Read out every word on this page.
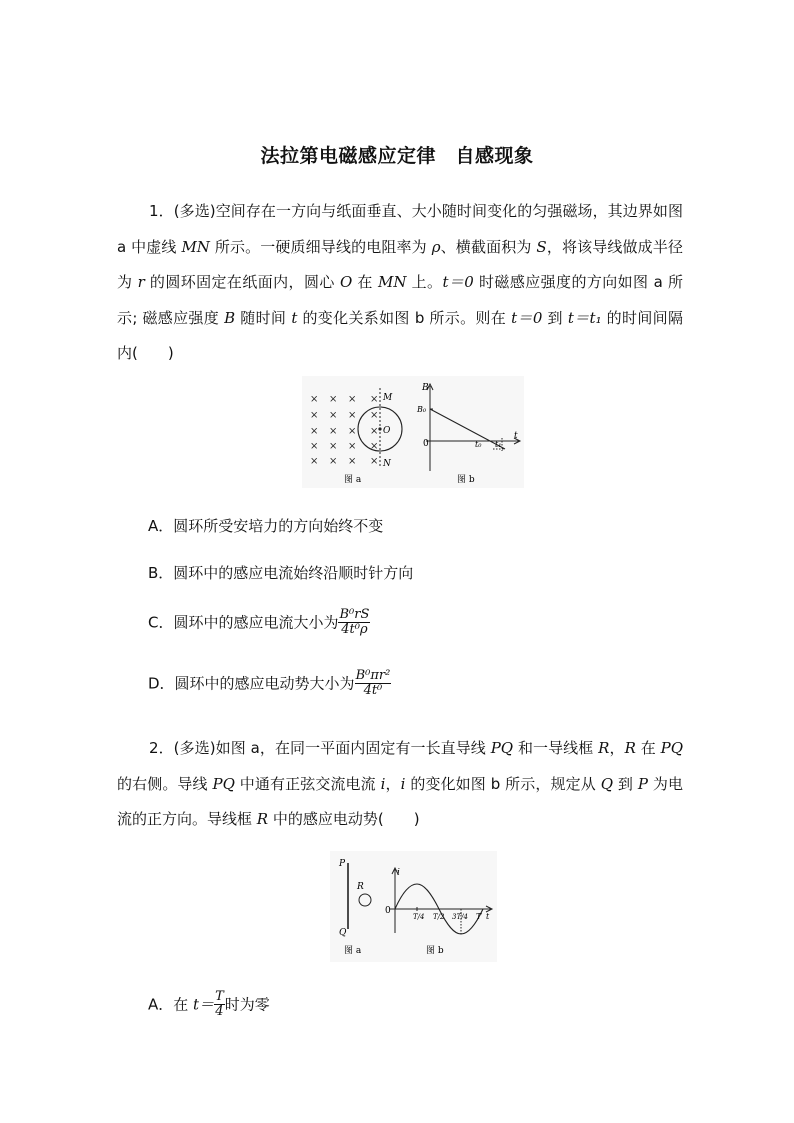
法拉第电磁感应定律　自感现象
1．(多选)空间存在一方向与纸面垂直、大小随时间变化的匀强磁场，其边界如图 a 中虚线 MN 所示。一硬质细导线的电阻率为 ρ、横截面积为 S，将该导线做成半径为 r 的圆环固定在纸面内，圆心 O 在 MN 上。t＝0 时磁感应强度的方向如图 a 所示; 磁感应强度 B 随时间 t 的变化关系如图 b 所示。则在 t＝0 到 t＝t₁ 的时间间隔内(　　)
× × × ×
× × × ×
× × × ×
× × × ×
× × × ×
M
N
O
图 a
B
B₀
0	t₀ t₁
t
图 b
A．圆环所受安培力的方向始终不变
B．圆环中的感应电流始终沿顺时针方向
C．圆环中的感应电流大小为 $\frac{\text{B⁰rS}}{\text{4t⁰ρ}}$
D．圆环中的感应电动势大小为 $\frac{\text{B⁰πr²}}{\text{4t⁰}}$
2．(多选)如图 a，在同一平面内固定有一长直导线 PQ 和一导线框 R，R 在 PQ 的右侧。导线 PQ 中通有正弦交流电流 i，i 的变化如图 b 所示，规定从 Q 到 P 为电流的正方向。导线框 R 中的感应电动势(　　)
P
Q
R
图 a
i
0
T/4 T/2 3T/4 T t
图 b
A．在 $t= \frac{T}{4}$ 时为零
